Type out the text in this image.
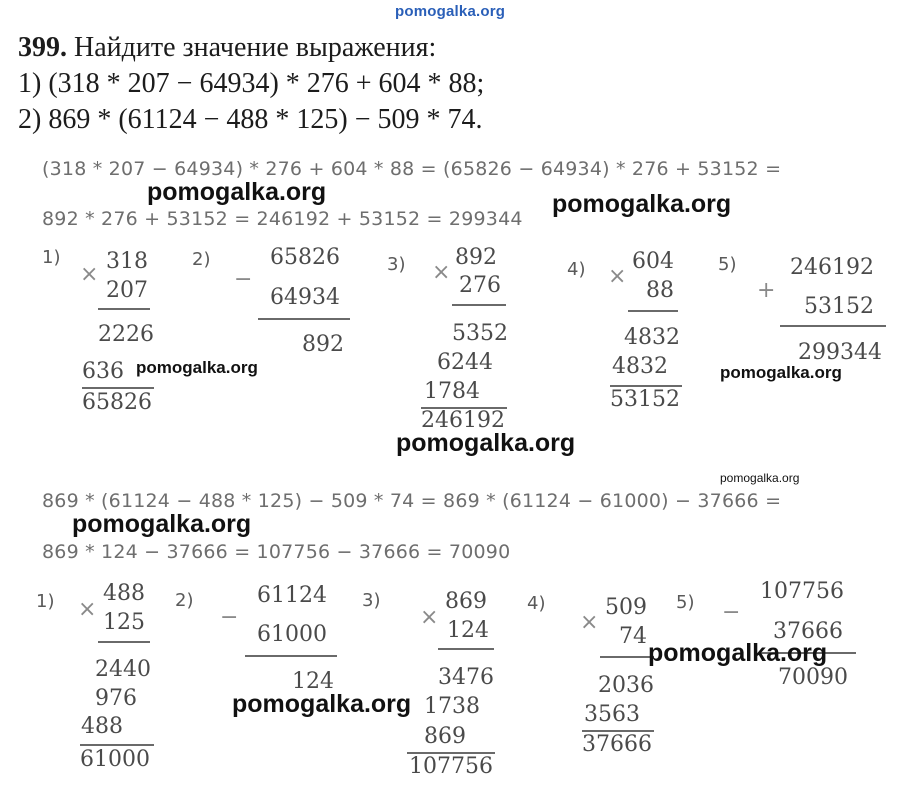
pomogalka.org
399. Найдите значение выражения:
1) (318 * 207 − 64934) * 276 + 604 * 88;
2) 869 * (61124 − 488 * 125) − 509 * 74.
(318 * 207 − 64934) * 276 + 604 * 88 = (65826 − 64934) * 276 + 53152 =
892 * 276 + 53152 = 246192 + 53152 = 299344
1)
×
318
207
2226
636
65826
2)
−
65826
64934
892
3) ×
892
276
5352
6244
1784
246192
4) ×
604
88
4832
4832
53152
5)
+
246192
53152
299344
869 * (61124 − 488 * 125) − 509 * 74 = 869 * (61124 − 61000) − 37666 =
869 * 124 − 37666 = 107756 − 37666 = 70090
1) ×
488
125
2440
976
488
61000
2)
−
61124
61000
124
3)
×
869
124
3476
1738
869
107756
4)
×
509
74
2036
3563
37666
5) −
107756
37666
70090
pomogalka.org	pomogalka.org
pomogalka.org	pomogalka.org
pomogalka.org
pomogalka.org
pomogalka.org
pomogalka.org
pomogalka.org
